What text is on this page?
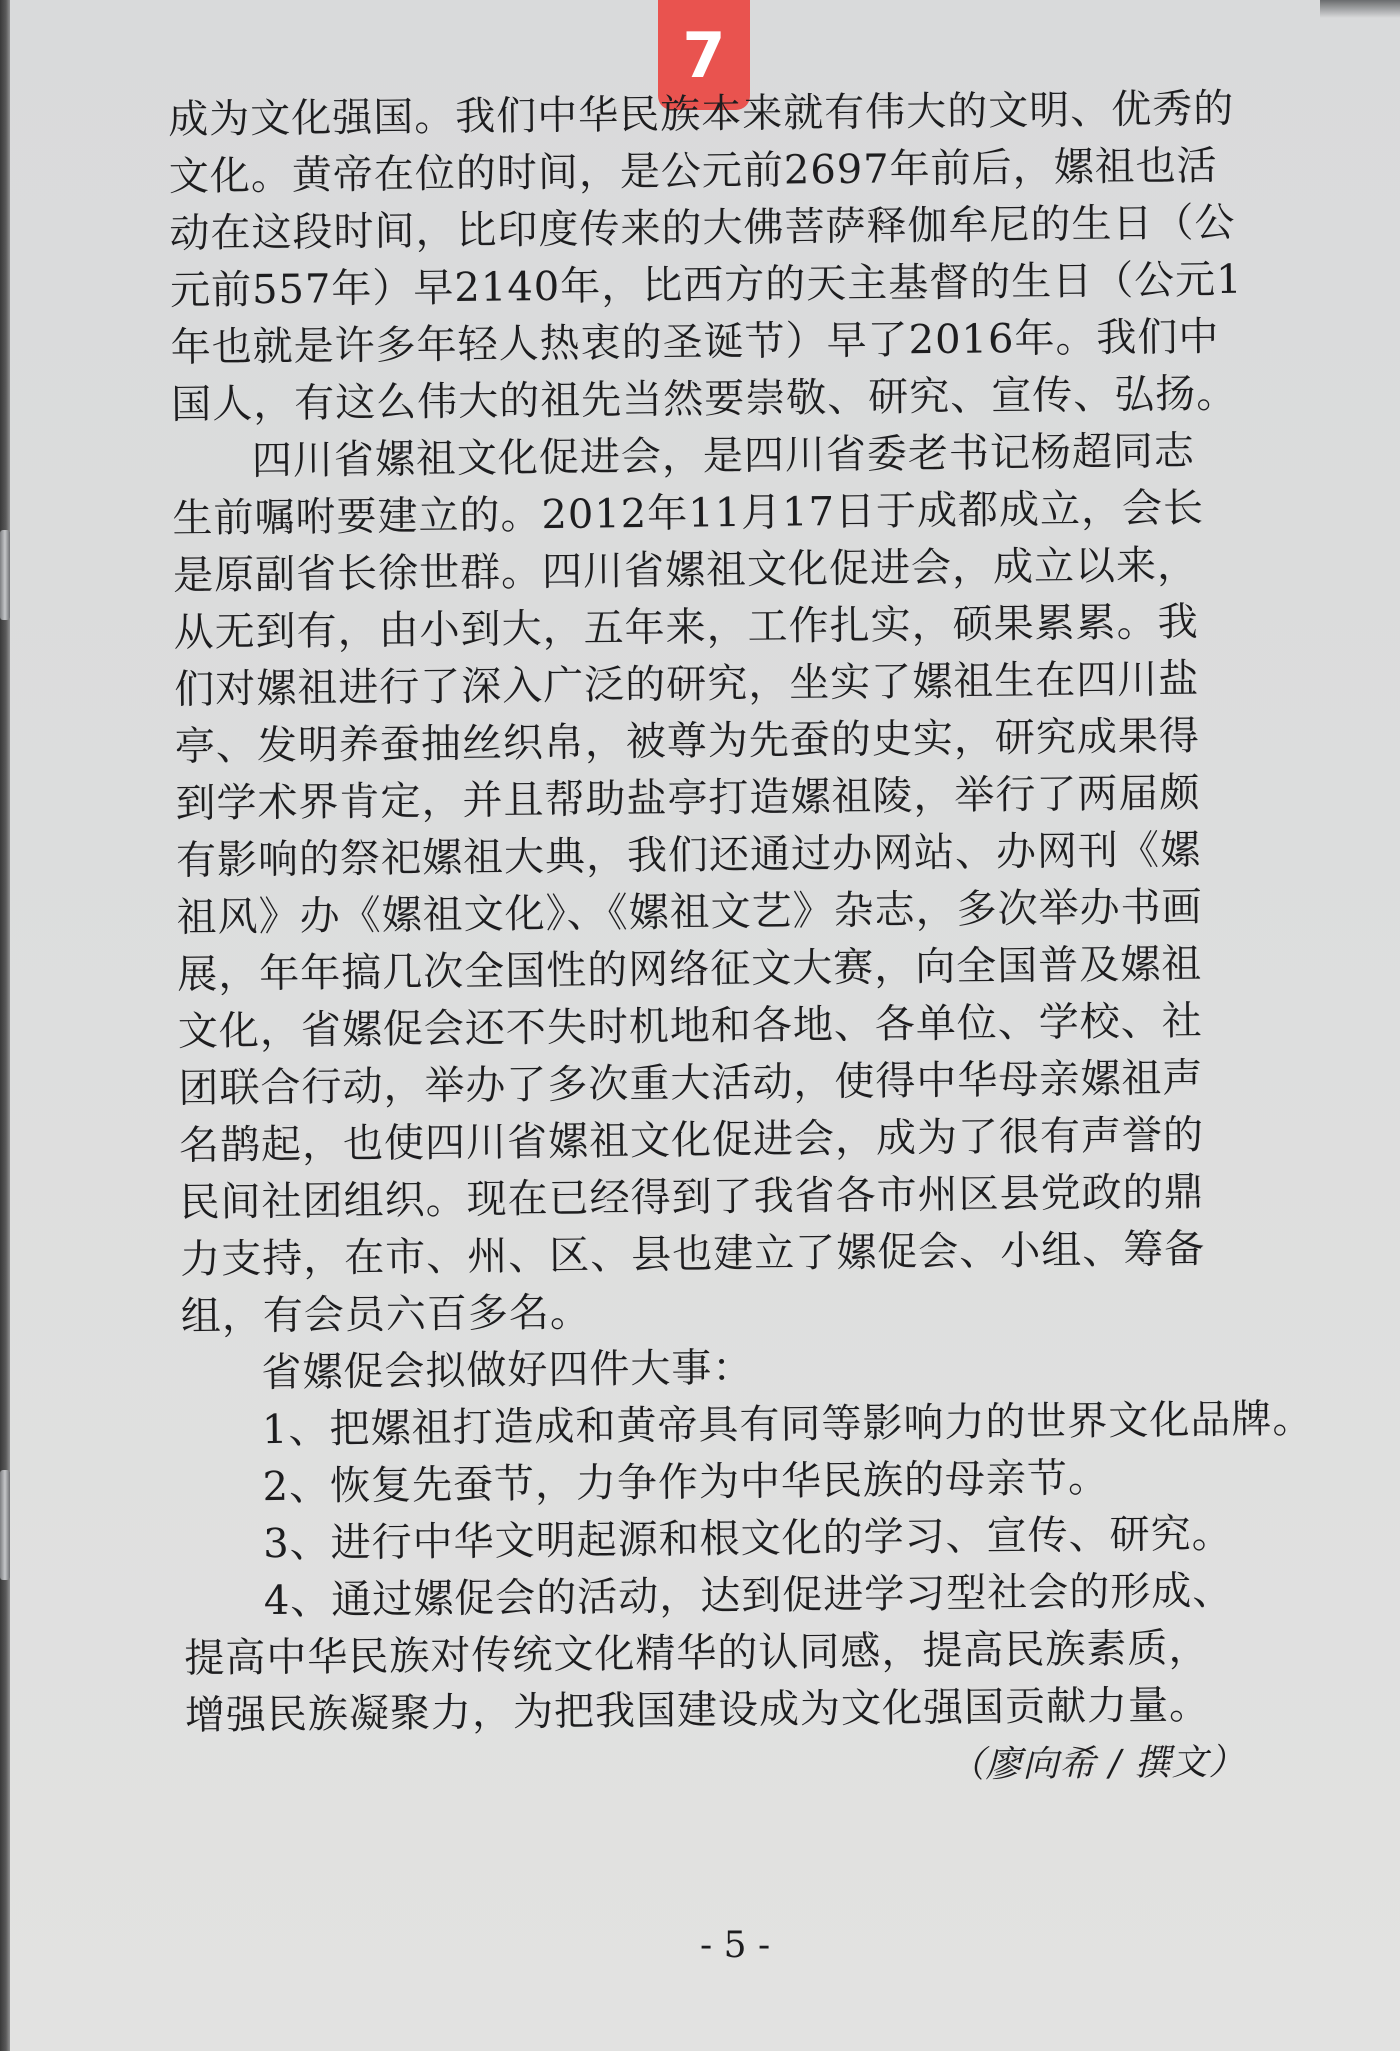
7

成为文化强国。我们中华民族本来就有伟大的文明、优秀的

文化。黄帝在位的时间，是公元前2697年前后，嫘祖也活

动在这段时间，比印度传来的大佛菩萨释伽牟尼的生日（公

元前557年）早2140年，比西方的天主基督的生日（公元1

年也就是许多年轻人热衷的圣诞节）早了2016年。我们中

国人，有这么伟大的祖先当然要崇敬、研究、宣传、弘扬。

四川省嫘祖文化促进会，是四川省委老书记杨超同志

生前嘱咐要建立的。2012年11月17日于成都成立，会长

是原副省长徐世群。四川省嫘祖文化促进会，成立以来，

从无到有，由小到大，五年来，工作扎实，硕果累累。我

们对嫘祖进行了深入广泛的研究，坐实了嫘祖生在四川盐

亭、发明养蚕抽丝织帛，被尊为先蚕的史实，研究成果得

到学术界肯定，并且帮助盐亭打造嫘祖陵，举行了两届颇

有影响的祭祀嫘祖大典，我们还通过办网站、办网刊《嫘

祖风》办《嫘祖文化》、《嫘祖文艺》杂志，多次举办书画

展，年年搞几次全国性的网络征文大赛，向全国普及嫘祖

文化，省嫘促会还不失时机地和各地、各单位、学校、社

团联合行动，举办了多次重大活动，使得中华母亲嫘祖声

名鹊起，也使四川省嫘祖文化促进会，成为了很有声誉的

民间社团组织。现在已经得到了我省各市州区县党政的鼎

力支持，在市、州、区、县也建立了嫘促会、小组、筹备

组，有会员六百多名。

省嫘促会拟做好四件大事：

1、把嫘祖打造成和黄帝具有同等影响力的世界文化品牌。

2、恢复先蚕节，力争作为中华民族的母亲节。

3、进行中华文明起源和根文化的学习、宣传、研究。

4、通过嫘促会的活动，达到促进学习型社会的形成、

提高中华民族对传统文化精华的认同感，提高民族素质，

增强民族凝聚力，为把我国建设成为文化强国贡献力量。

（廖向希 / 撰文）

- 5 -
